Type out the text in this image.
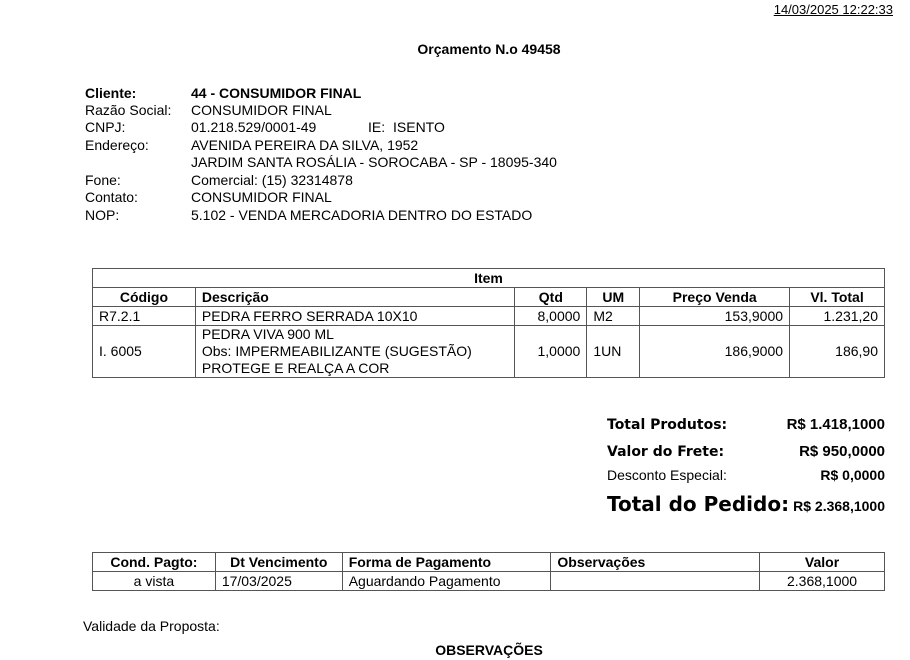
14/03/2025 12:22:33
Orçamento N.o 49458
Cliente:	44 - CONSUMIDOR FINAL
Razão Social: CONSUMIDOR FINAL
CNPJ:	01.218.529/0001-49	IE: ISENTO
Endereço:	AVENIDA PEREIRA DA SILVA, 1952
JARDIM SANTA ROSÁLIA - SOROCABA - SP - 18095-340
Fone:	Comercial: (15) 32314878
Contato:	CONSUMIDOR FINAL
NOP:	5.102 - VENDA MERCADORIA DENTRO DO ESTADO
Item					
Código	Descrição	Qtd	UM	Preço Venda	Vl. Total
R7.2.1	PEDRA FERRO SERRADA 10X10	8,0000	M2	153,9000	1.231,20
I. 6005	PEDRA VIVA 900 ML
Obs: IMPERMEABILIZANTE (SUGESTÃO)
PROTEGE E REALÇA A COR	1,0000	1UN	186,9000	186,90
Total Produtos:	R$ 1.418,1000
Valor do Frete:	R$ 950,0000
Desconto Especial:	R$ 0,0000
Total do Pedido: R$ 2.368,1000
Cond. Pagto:	Dt Vencimento	Forma de Pagamento	Observações	Valor
a vista	17/03/2025	Aguardando Pagamento		2.368,1000
Validade da Proposta:
OBSERVAÇÕES
